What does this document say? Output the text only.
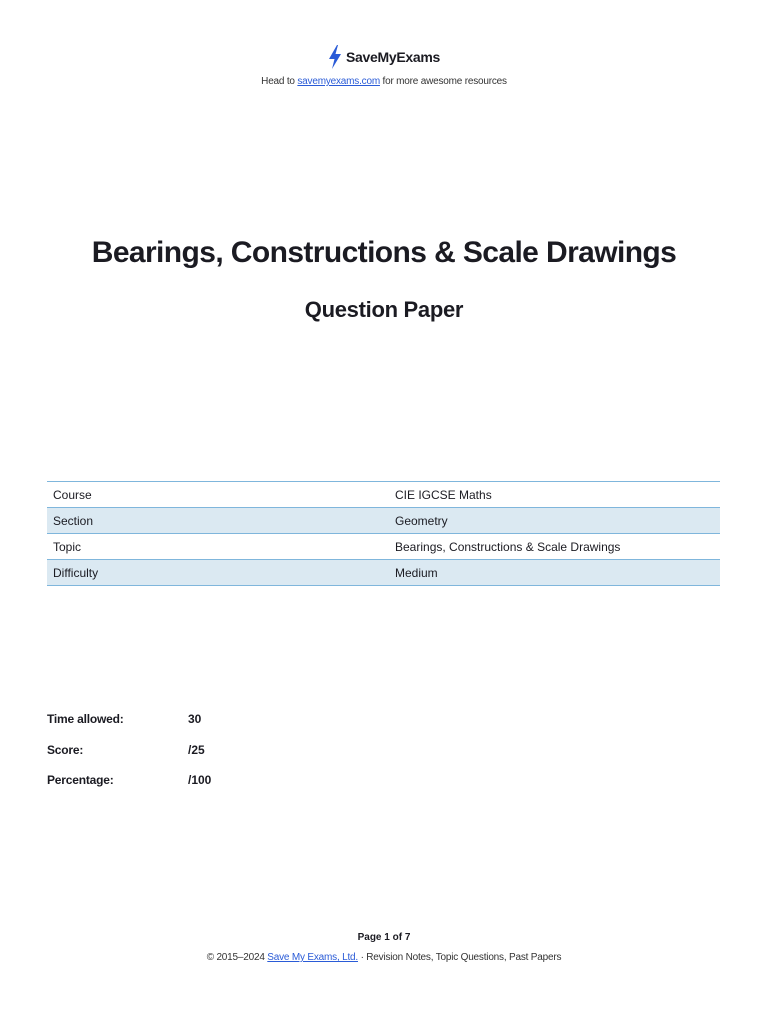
SaveMyExams
Head to savemyexams.com for more awesome resources
Bearings, Constructions & Scale Drawings
Question Paper
Course	CIE IGCSE Maths
Section	Geometry
Topic	Bearings, Constructions & Scale Drawings
Difficulty	Medium
Time allowed:	30
Score:	/25
Percentage:	/100
Page 1 of 7
© 2015–2024 Save My Exams, Ltd. · Revision Notes, Topic Questions, Past Papers
